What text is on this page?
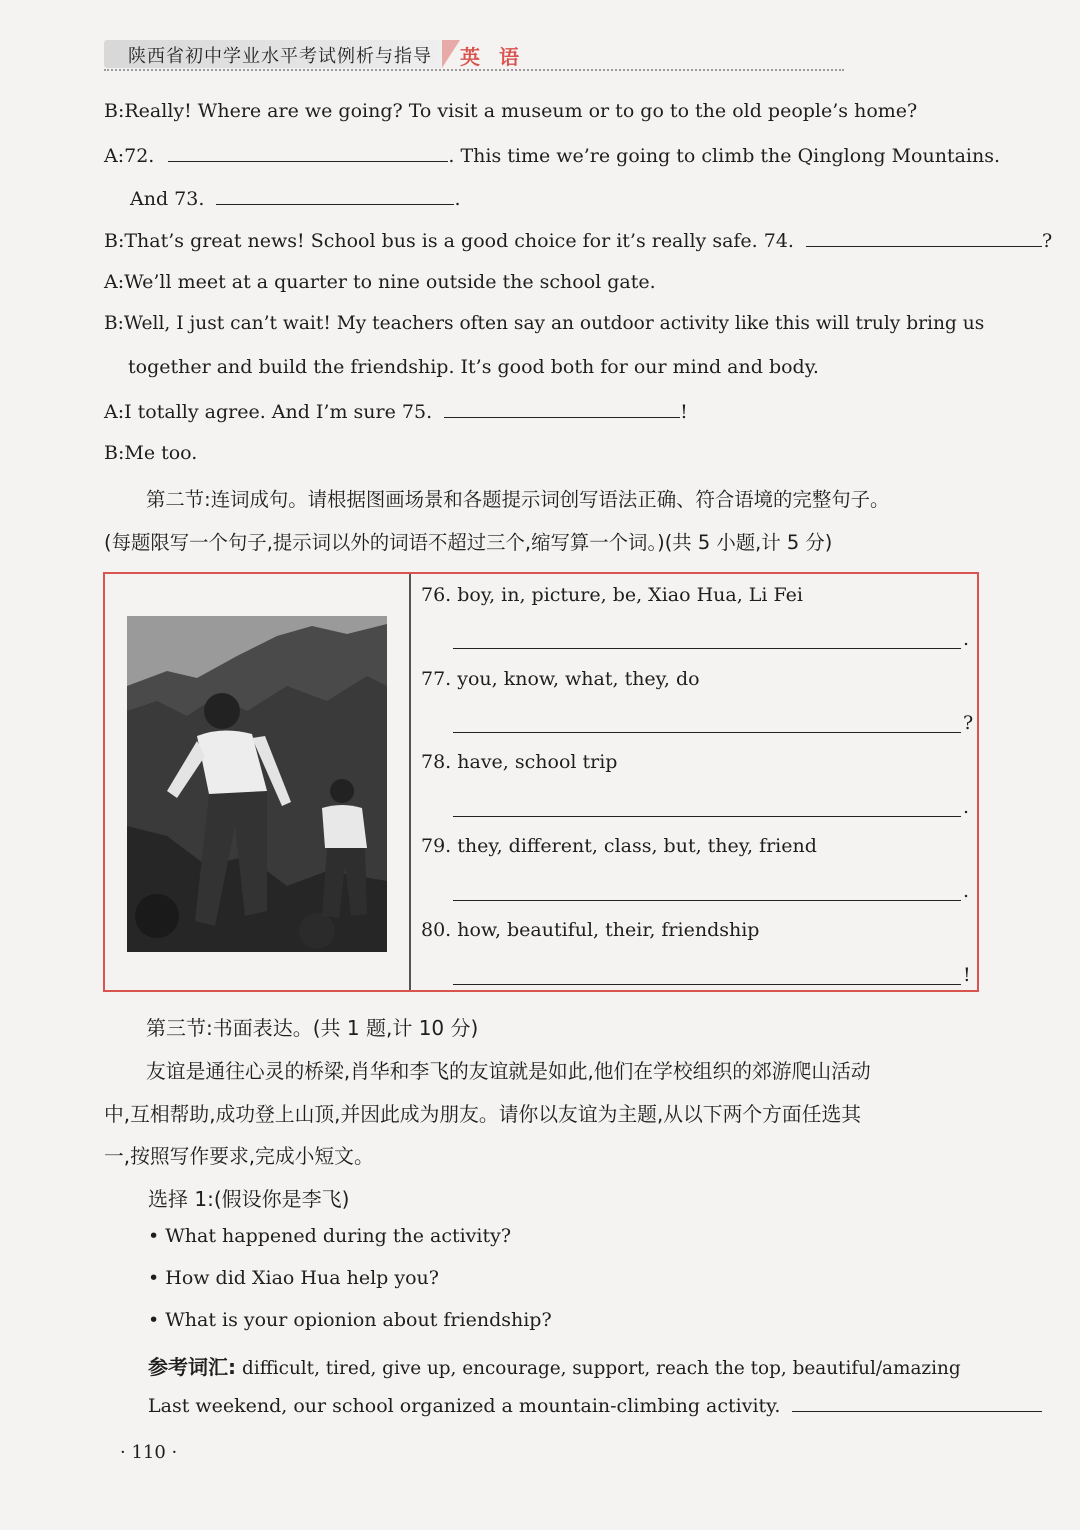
陕西省初中学业水平考试例析与指导 英 语
B:Really! Where are we going? To visit a museum or to go to the old people’s home?
A:72.	. This time we’re going to climb the Qinglong Mountains.
And 73.	.
B:That’s great news! School bus is a good choice for it’s really safe. 74.	?
A:We’ll meet at a quarter to nine outside the school gate.
B:Well, I just can’t wait! My teachers often say an outdoor activity like this will truly bring us
together and build the friendship. It’s good both for our mind and body.
A:I totally agree. And I’m sure 75.	!
B:Me too.
第二节:连词成句。请根据图画场景和各题提示词创写语法正确、符合语境的完整句子。
(每题限写一个句子,提示词以外的词语不超过三个,缩写算一个词。)(共 5 小题,计 5 分)
76. boy, in, picture, be, Xiao Hua, Li Fei
.
77. you, know, what, they, do
?
78. have, school trip
.
79. they, different, class, but, they, friend
.
80. how, beautiful, their, friendship
!
第三节:书面表达。(共 1 题,计 10 分)
友谊是通往心灵的桥梁,肖华和李飞的友谊就是如此,他们在学校组织的郊游爬山活动
中,互相帮助,成功登上山顶,并因此成为朋友。请你以友谊为主题,从以下两个方面任选其
一,按照写作要求,完成小短文。
选择 1:(假设你是李飞)
• What happened during the activity?
• How did Xiao Hua help you?
• What is your opionion about friendship?
参考词汇: difficult, tired, give up, encourage, support, reach the top, beautiful/amazing
Last weekend, our school organized a mountain-climbing activity.
· 110 ·
